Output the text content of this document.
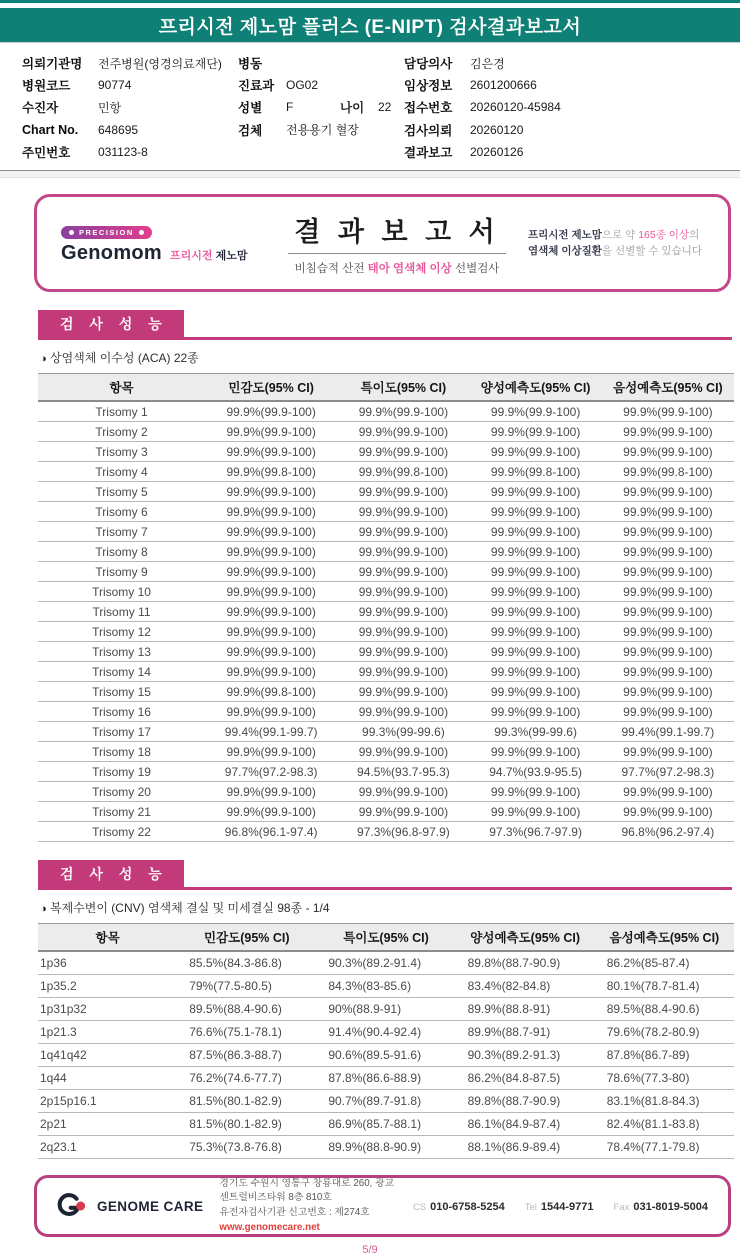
프리시전 제노맘 플러스 (E-NIPT) 검사결과보고서
의뢰기관명	전주병원(영경의료재단)
병원코드	90774
수진자	민항
Chart No.	648695
주민번호	031123-8
병동
진료과 OG02
성별	F	나이	22
검체	전용용기 혈장
담당의사	김은경
임상정보	2601200666
접수번호	20260120-45984
검사의뢰	20260120
결과보고	20260126
PRECISION
Genomom 프리시전 제노맘
결 과 보 고 서
비침습적 산전 태아 염색체 이상 선별검사
프리시전 제노맘으로 약 165종 이상의
염색체 이상질환을 선별할 수 있습니다
검 사 성 능
◑ 상염색체 이수성 (ACA) 22종
항목	민감도(95% CI)	특이도(95% CI)	양성예측도(95% CI)	음성예측도(95% CI)
Trisomy 1	99.9%(99.9-100)	99.9%(99.9-100)	99.9%(99.9-100)	99.9%(99.9-100)
Trisomy 2	99.9%(99.9-100)	99.9%(99.9-100)	99.9%(99.9-100)	99.9%(99.9-100)
Trisomy 3	99.9%(99.9-100)	99.9%(99.9-100)	99.9%(99.9-100)	99.9%(99.9-100)
Trisomy 4	99.9%(99.8-100)	99.9%(99.8-100)	99.9%(99.8-100)	99.9%(99.8-100)
Trisomy 5	99.9%(99.9-100)	99.9%(99.9-100)	99.9%(99.9-100)	99.9%(99.9-100)
Trisomy 6	99.9%(99.9-100)	99.9%(99.9-100)	99.9%(99.9-100)	99.9%(99.9-100)
Trisomy 7	99.9%(99.9-100)	99.9%(99.9-100)	99.9%(99.9-100)	99.9%(99.9-100)
Trisomy 8	99.9%(99.9-100)	99.9%(99.9-100)	99.9%(99.9-100)	99.9%(99.9-100)
Trisomy 9	99.9%(99.9-100)	99.9%(99.9-100)	99.9%(99.9-100)	99.9%(99.9-100)
Trisomy 10	99.9%(99.9-100)	99.9%(99.9-100)	99.9%(99.9-100)	99.9%(99.9-100)
Trisomy 11	99.9%(99.9-100)	99.9%(99.9-100)	99.9%(99.9-100)	99.9%(99.9-100)
Trisomy 12	99.9%(99.9-100)	99.9%(99.9-100)	99.9%(99.9-100)	99.9%(99.9-100)
Trisomy 13	99.9%(99.9-100)	99.9%(99.9-100)	99.9%(99.9-100)	99.9%(99.9-100)
Trisomy 14	99.9%(99.9-100)	99.9%(99.9-100)	99.9%(99.9-100)	99.9%(99.9-100)
Trisomy 15	99.9%(99.8-100)	99.9%(99.9-100)	99.9%(99.9-100)	99.9%(99.9-100)
Trisomy 16	99.9%(99.9-100)	99.9%(99.9-100)	99.9%(99.9-100)	99.9%(99.9-100)
Trisomy 17	99.4%(99.1-99.7)	99.3%(99-99.6)	99.3%(99-99.6)	99.4%(99.1-99.7)
Trisomy 18	99.9%(99.9-100)	99.9%(99.9-100)	99.9%(99.9-100)	99.9%(99.9-100)
Trisomy 19	97.7%(97.2-98.3)	94.5%(93.7-95.3)	94.7%(93.9-95.5)	97.7%(97.2-98.3)
Trisomy 20	99.9%(99.9-100)	99.9%(99.9-100)	99.9%(99.9-100)	99.9%(99.9-100)
Trisomy 21	99.9%(99.9-100)	99.9%(99.9-100)	99.9%(99.9-100)	99.9%(99.9-100)
Trisomy 22	96.8%(96.1-97.4)	97.3%(96.8-97.9)	97.3%(96.7-97.9)	96.8%(96.2-97.4)
검 사 성 능
◑ 복제수변이 (CNV) 염색체 결실 및 미세결실 98종 - 1/4
항목	민감도(95% CI)	특이도(95% CI)	양성예측도(95% CI)	음성예측도(95% CI)
1p36	85.5%(84.3-86.8)	90.3%(89.2-91.4)	89.8%(88.7-90.9)	86.2%(85-87.4)
1p35.2	79%(77.5-80.5)	84.3%(83-85.6)	83.4%(82-84.8)	80.1%(78.7-81.4)
1p31p32	89.5%(88.4-90.6)	90%(88.9-91)	89.9%(88.8-91)	89.5%(88.4-90.6)
1p21.3	76.6%(75.1-78.1)	91.4%(90.4-92.4)	89.9%(88.7-91)	79.6%(78.2-80.9)
1q41q42	87.5%(86.3-88.7)	90.6%(89.5-91.6)	90.3%(89.2-91.3)	87.8%(86.7-89)
1q44	76.2%(74.6-77.7)	87.8%(86.6-88.9)	86.2%(84.8-87.5)	78.6%(77.3-80)
2p15p16.1	81.5%(80.1-82.9)	90.7%(89.7-91.8)	89.8%(88.7-90.9)	83.1%(81.8-84.3)
2p21	81.5%(80.1-82.9)	86.9%(85.7-88.1)	86.1%(84.9-87.4)	82.4%(81.1-83.8)
2q23.1	75.3%(73.8-76.8)	89.9%(88.8-90.9)	88.1%(86.9-89.4)	78.4%(77.1-79.8)
GENOME CARE
경기도 수원시 영통구 창룡대로 260, 광교 센트럴비즈타워 8층 810호
유전자검사기관 신고번호 : 제274호
www.genomecare.net
CS 010-6758-5254 Tel 1544-9771 Fax 031-8019-5004
5/9
